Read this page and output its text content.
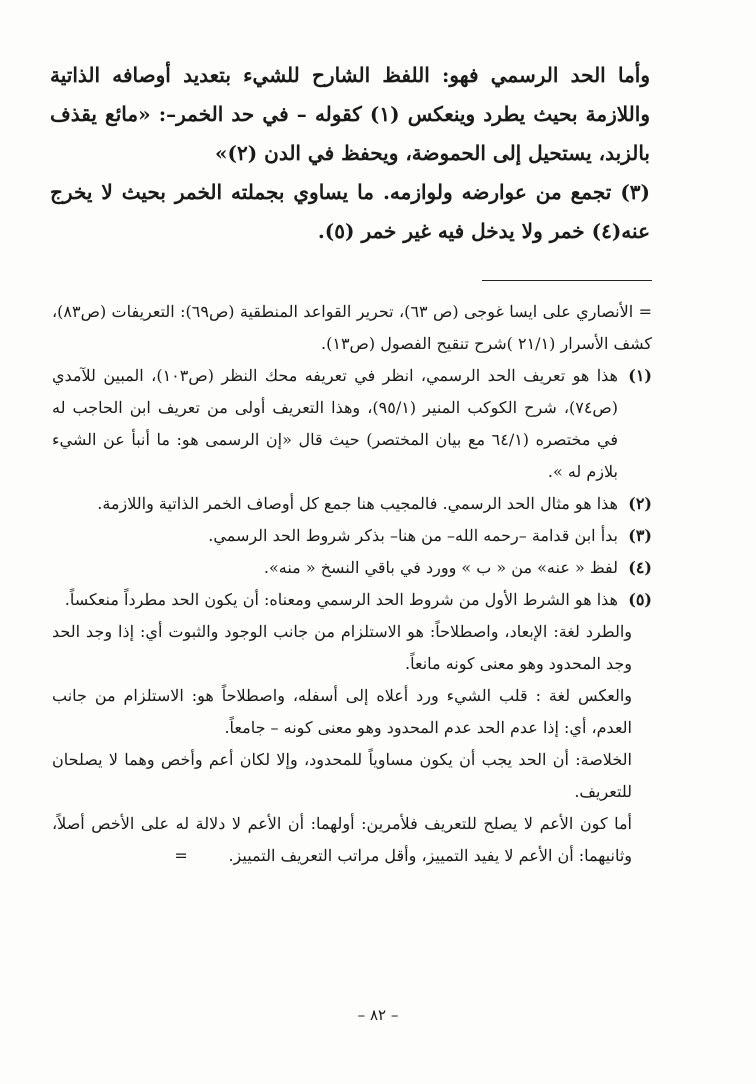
وأما الحد الرسمي فهو: اللفظ الشارح للشيء بتعديد أوصافه الذاتية واللازمة بحيث يطرد وينعكس (١) كقوله – في حد الخمر–: «مائع يقذف بالزبد، يستحيل إلى الحموضة، ويحفظ في الدن (٢)»

(٣) تجمع من عوارضه ولوازمه. ما يساوي بجملته الخمر بحيث لا يخرج عنه(٤) خمر ولا يدخل فيه غير خمر (٥).

= الأنصاري على ايسا غوجى (ص ٦٣)، تحرير القواعد المنطقية (ص٦٩): التعريفات (ص٨٣)، كشف الأسرار (٢١/١ )شرح تنقيح الفصول (ص١٣).

(١)
هذا هو تعريف الحد الرسمي، انظر في تعريفه محك النظر (ص١٠٣)، المبين للآمدي (ص٧٤)، شرح الكوكب المنير (٩٥/١)، وهذا التعريف أولى من تعريف ابن الحاجب له في مختصره (٦٤/١ مع بيان المختصر) حيث قال «إن الرسمى هو: ما أنبأ عن الشيء بلازم له ».
(٢)
هذا هو مثال الحد الرسمي. فالمجيب هنا جمع كل أوصاف الخمر الذاتية واللازمة.
(٣)
بدأ ابن قدامة –رحمه الله– من هنا– بذكر شروط الحد الرسمي.
(٤)
لفظ « عنه» من « ب » وورد في باقي النسخ « منه».
(٥)
هذا هو الشرط الأول من شروط الحد الرسمي ومعناه: أن يكون الحد مطرداً منعكساً.

والطرد لغة: الإبعاد، واصطلاحاً: هو الاستلزام من جانب الوجود والثبوت أي: إذا وجد الحد وجد المحدود وهو معنى كونه مانعاً.

والعكس لغة : قلب الشيء ورد أعلاه إلى أسفله، واصطلاحاً هو: الاستلزام من جانب العدم، أي: إذا عدم الحد عدم المحدود وهو معنى كونه – جامعاً.

الخلاصة: أن الحد يجب أن يكون مساوياً للمحدود، وإلا لكان أعم وأخص وهما لا يصلحان للتعريف.

أما كون الأعم لا يصلح للتعريف فلأمرين: أولهما: أن الأعم لا دلالة له على الأخص أصلاً، وثانيهما: أن الأعم لا يفيد التمييز، وأقل مراتب التعريف التمييز.        =

– ٨٢ –
